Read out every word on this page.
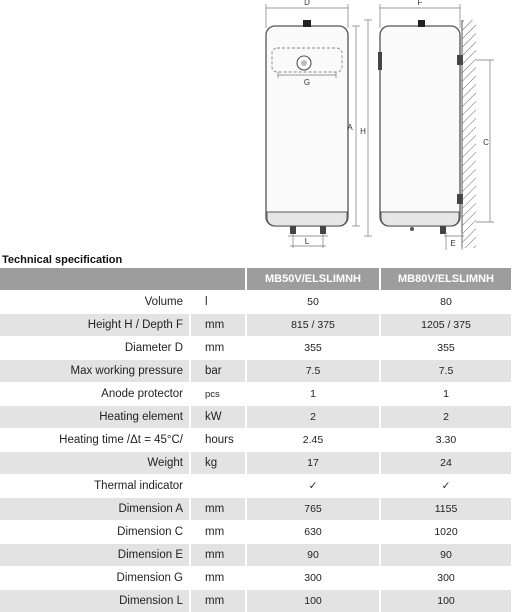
D
G
L
A H
F
C
E
Technical specification
		MB50V/ELSLIMNH	MB80V/ELSLIMNH
Volume	l	50	80
Height H / Depth F	mm	815 / 375	1205 / 375
Diameter D	mm	355	355
Max working pressure	bar	7.5	7.5
Anode protector	pcs	1	1
Heating element	kW	2	2
Heating time /Δt = 45°C/	hours	2.45	3.30
Weight	kg	17	24
Thermal indicator		✓	✓
Dimension A	mm	765	1155
Dimension C	mm	630	1020
Dimension E	mm	90	90
Dimension G	mm	300	300
Dimension L	mm	100	100
